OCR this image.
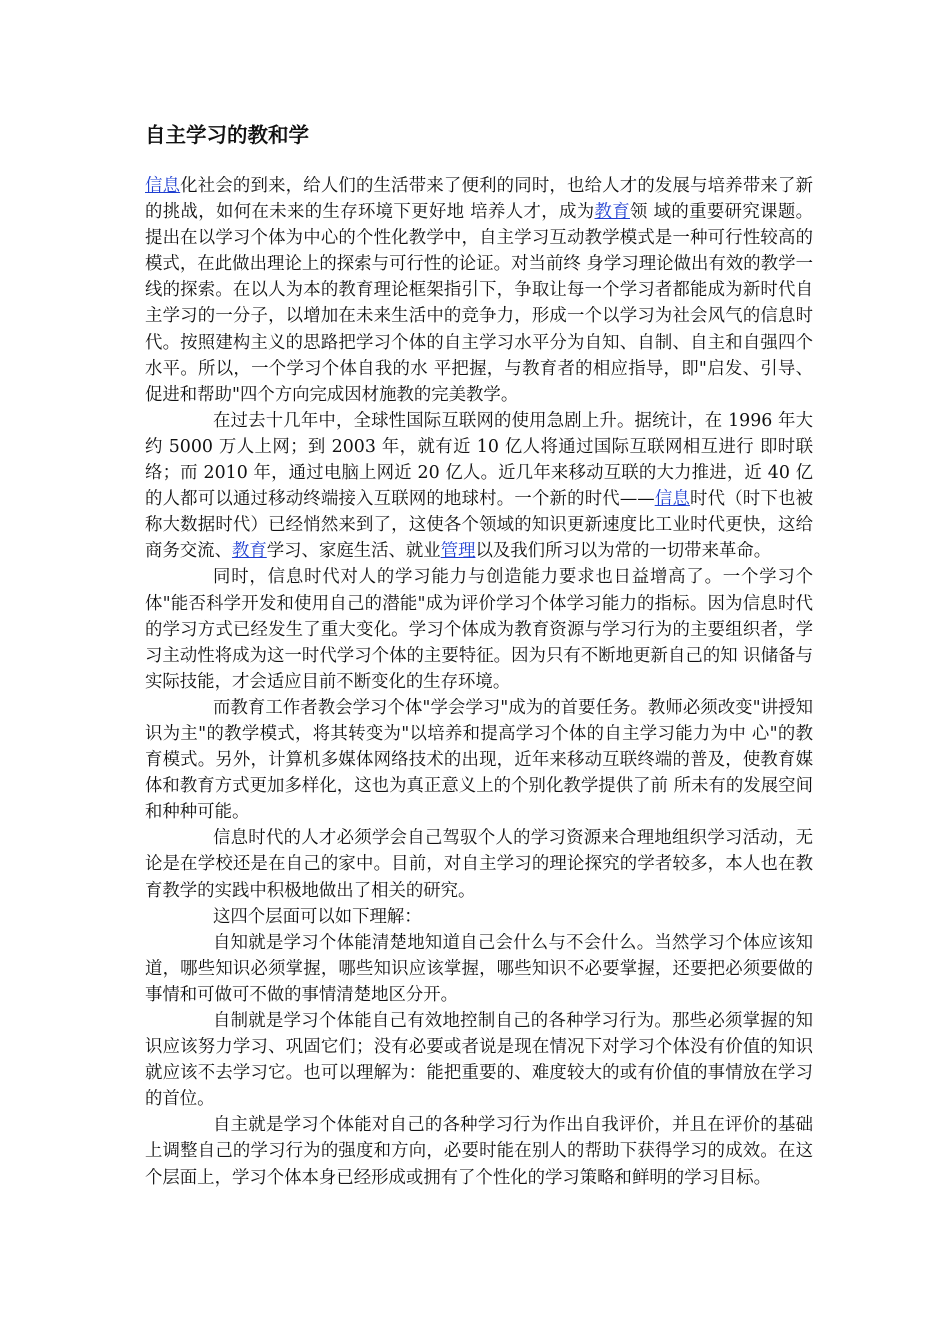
自主学习的教和学

信息化社会的到来，给人们的生活带来了便利的同时，也给人才的发展与培养带来了新的挑战，如何在未来的生存环境下更好地 培养人才，成为教育领 域的重要研究课题。提出在以学习个体为中心的个性化教学中，自主学习互动教学模式是一种可行性较高的模式，在此做出理论上的探索与可行性的论证。对当前终 身学习理论做出有效的教学一线的探索。在以人为本的教育理论框架指引下，争取让每一个学习者都能成为新时代自主学习的一分子，以增加在未来生活中的竞争力，形成一个以学习为社会风气的信息时代。按照建构主义的思路把学习个体的自主学习水平分为自知、自制、自主和自强四个水平。所以，一个学习个体自我的水 平把握，与教育者的相应指导，即"启发、引导、促进和帮助"四个方向完成因材施教的完美教学。

在过去十几年中，全球性国际互联网的使用急剧上升。据统计，在 1996 年大约 5000 万人上网；到 2003 年，就有近 10 亿人将通过国际互联网相互进行 即时联络；而 2010 年，通过电脑上网近 20 亿人。近几年来移动互联的大力推进，近 40 亿的人都可以通过移动终端接入互联网的地球村。一个新的时代——信息时代（时下也被称大数据时代）已经悄然来到了，这使各个领域的知识更新速度比工业时代更快，这给商务交流、教育学习、家庭生活、就业管理以及我们所习以为常的一切带来革命。

同时，信息时代对人的学习能力与创造能力要求也日益增高了。一个学习个体"能否科学开发和使用自己的潜能"成为评价学习个体学习能力的指标。因为信息时代 的学习方式已经发生了重大变化。学习个体成为教育资源与学习行为的主要组织者，学习主动性将成为这一时代学习个体的主要特征。因为只有不断地更新自己的知 识储备与实际技能，才会适应目前不断变化的生存环境。

而教育工作者教会学习个体"学会学习"成为的首要任务。教师必须改变"讲授知识为主"的教学模式，将其转变为"以培养和提高学习个体的自主学习能力为中 心"的教育模式。另外，计算机多媒体网络技术的出现，近年来移动互联终端的普及，使教育媒体和教育方式更加多样化，这也为真正意义上的个别化教学提供了前 所未有的发展空间和种种可能。

信息时代的人才必须学会自己驾驭个人的学习资源来合理地组织学习活动，无论是在学校还是在自己的家中。目前，对自主学习的理论探究的学者较多，本人也在教育教学的实践中积极地做出了相关的研究。

这四个层面可以如下理解：

自知就是学习个体能清楚地知道自己会什么与不会什么。当然学习个体应该知道，哪些知识必须掌握，哪些知识应该掌握，哪些知识不必要掌握，还要把必须要做的事情和可做可不做的事情清楚地区分开。

自制就是学习个体能自己有效地控制自己的各种学习行为。那些必须掌握的知识应该努力学习、巩固它们；没有必要或者说是现在情况下对学习个体没有价值的知识就应该不去学习它。也可以理解为：能把重要的、难度较大的或有价值的事情放在学习的首位。

自主就是学习个体能对自己的各种学习行为作出自我评价，并且在评价的基础上调整自己的学习行为的强度和方向，必要时能在别人的帮助下获得学习的成效。在这个层面上，学习个体本身已经形成或拥有了个性化的学习策略和鲜明的学习目标。
